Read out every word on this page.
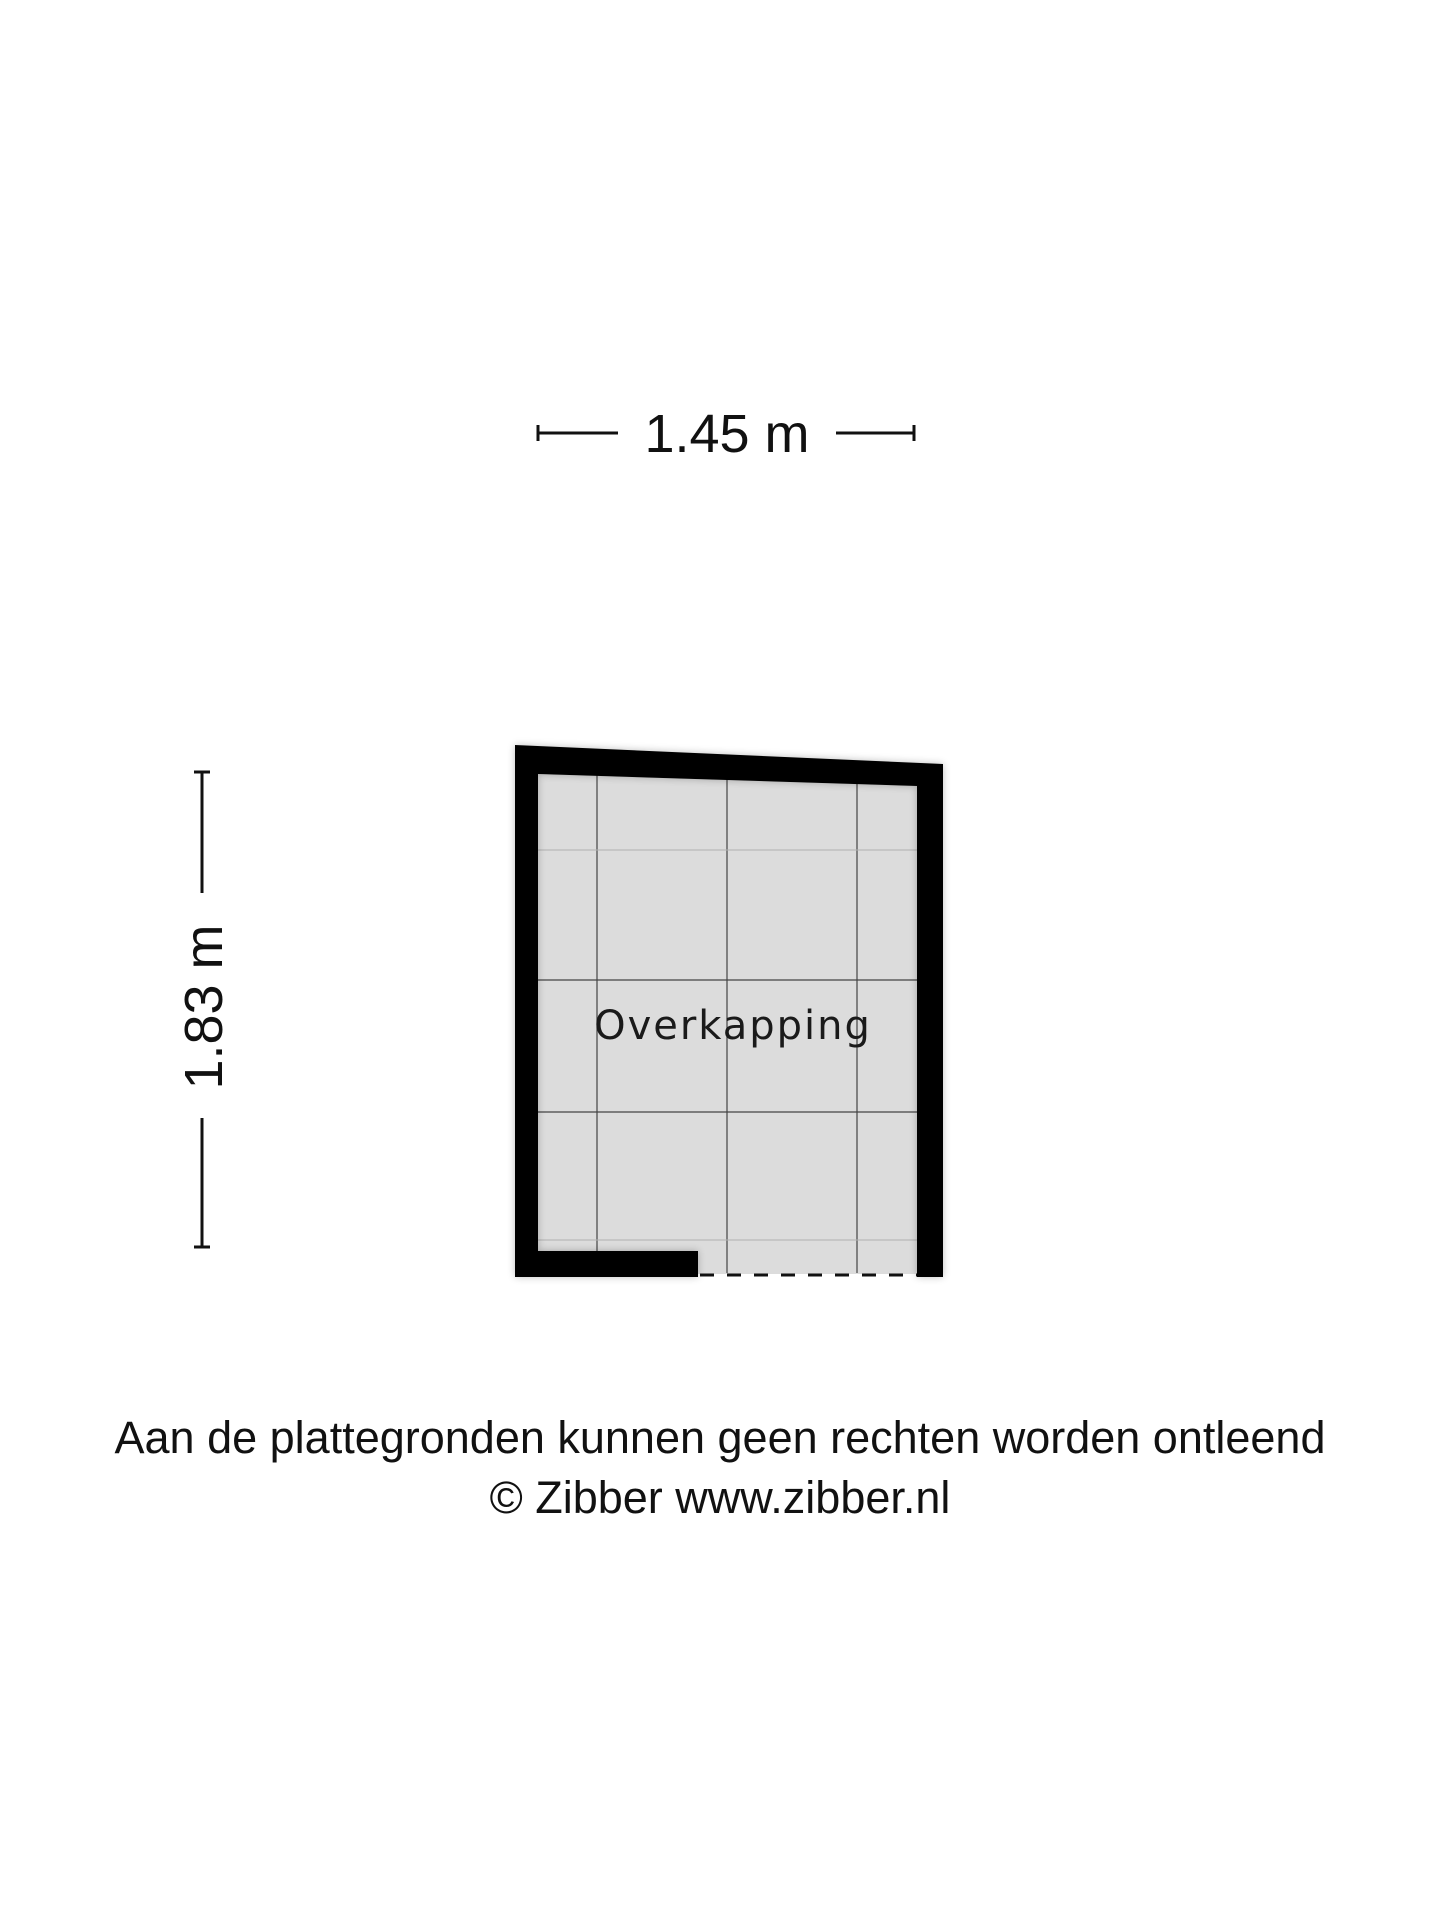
1.45 m
1.83 m	Overkapping
Aan de plattegronden kunnen geen rechten worden ontleend
© Zibber www.zibber.nl
